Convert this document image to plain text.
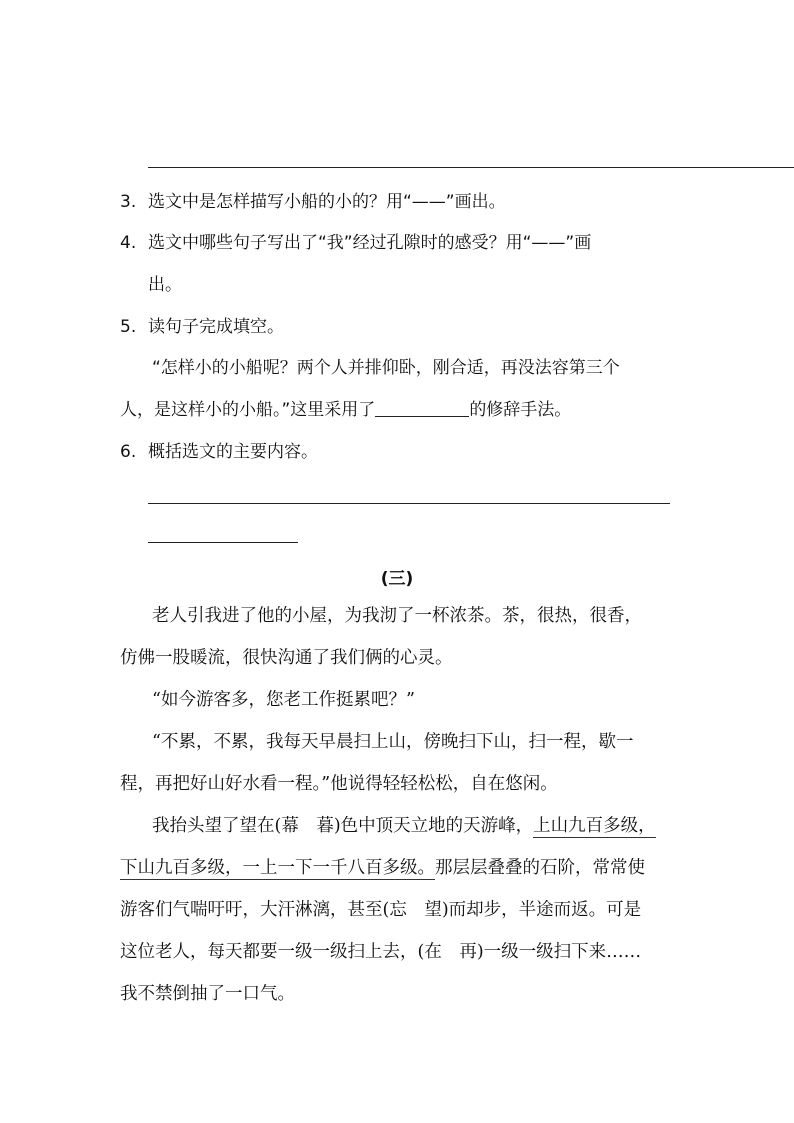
3. 选文中是怎样描写小船的小的？用“——”画出。
4. 选文中哪些句子写出了“我”经过孔隙时的感受？用“——”画
出。
5. 读句子完成填空。
“怎样小的小船呢？两个人并排仰卧，刚合适，再没法容第三个
人，是这样小的小船。”这里采用了	的修辞手法。
6. 概括选文的主要内容。
(三)
老人引我进了他的小屋，为我沏了一杯浓茶。茶，很热，很香，
仿佛一股暖流，很快沟通了我们俩的心灵。
“如今游客多，您老工作挺累吧？”
“不累，不累，我每天早晨扫上山，傍晚扫下山，扫一程，歇一
程，再把好山好水看一程。”他说得轻轻松松，自在悠闲。
我抬头望了望在(幕　暮)色中顶天立地的天游峰，上山九百多级，
下山九百多级，一上一下一千八百多级。那层层叠叠的石阶，常常使
游客们气喘吁吁，大汗淋漓，甚至(忘　望)而却步，半途而返。可是
这位老人，每天都要一级一级扫上去，(在　再)一级一级扫下来……
我不禁倒抽了一口气。
